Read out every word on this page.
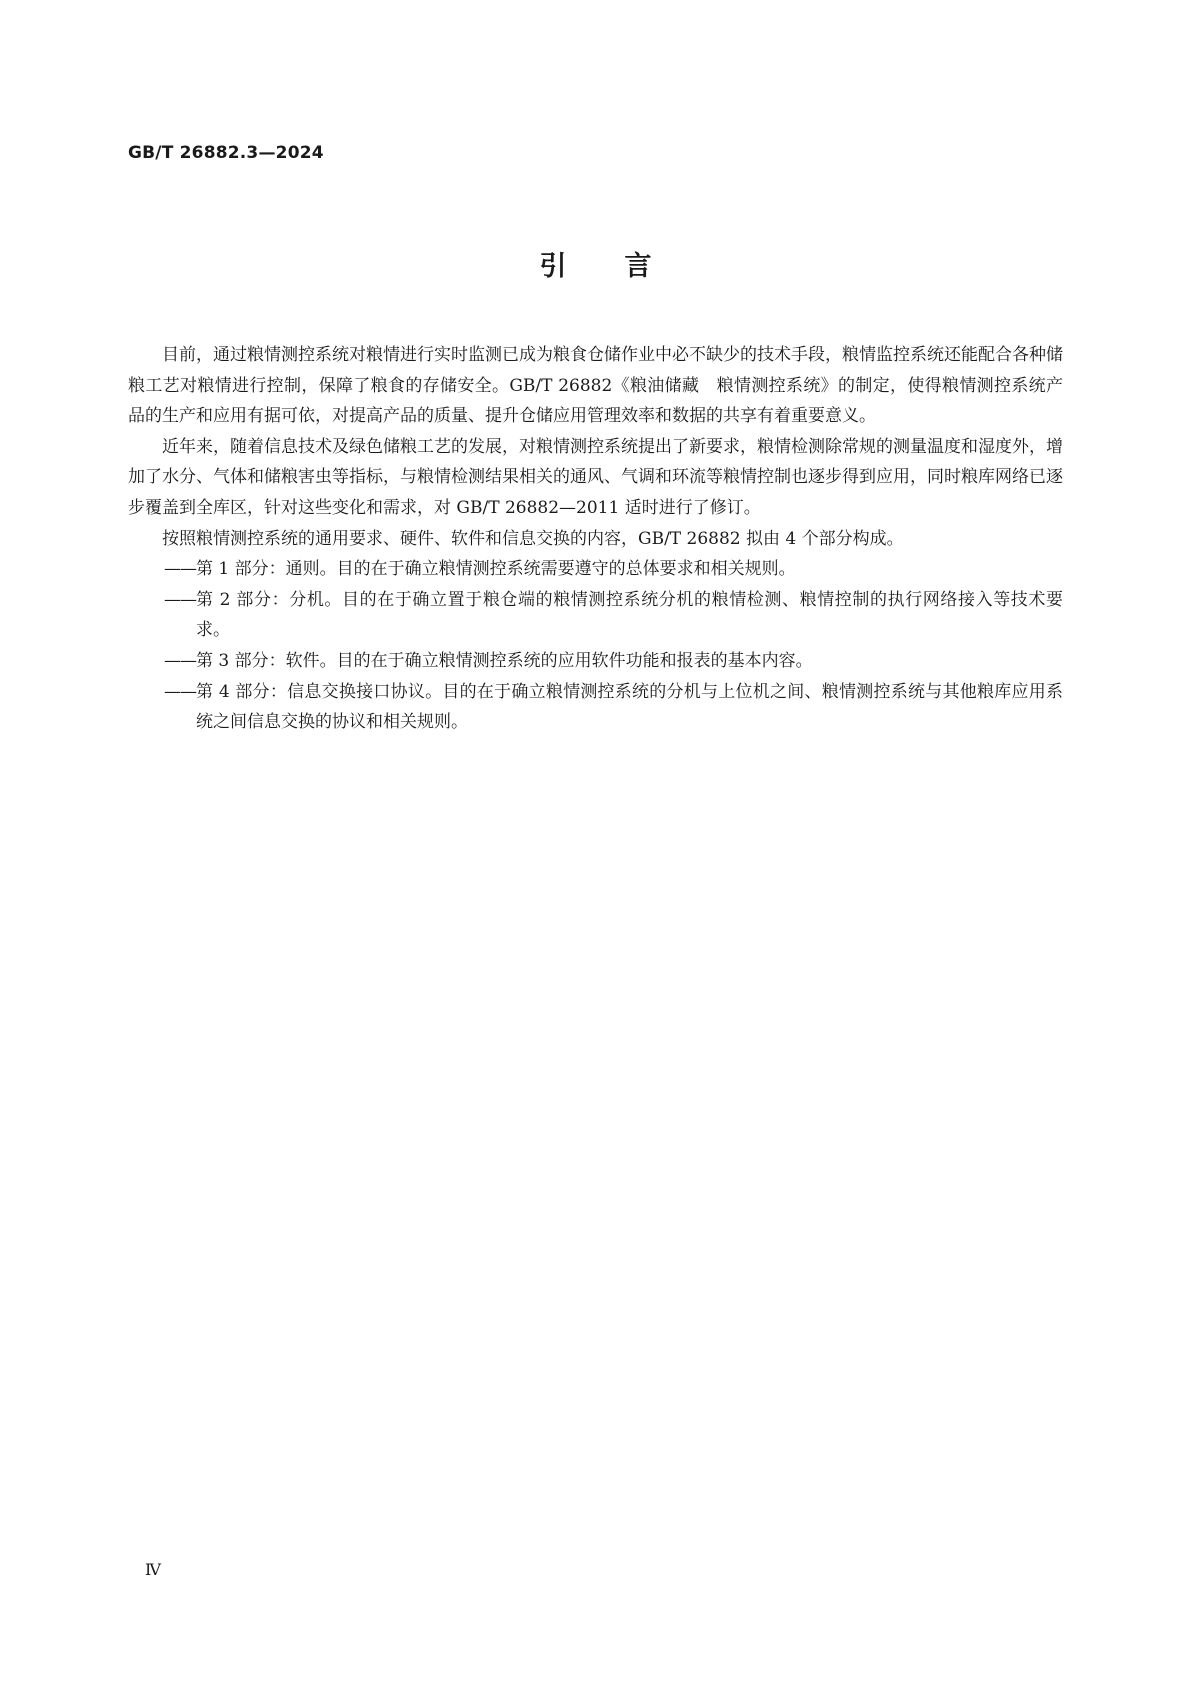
GB/T 26882.3—2024
引言

目前，通过粮情测控系统对粮情进行实时监测已成为粮食仓储作业中必不缺少的技术手段，粮情监控系统还能配合各种储粮工艺对粮情进行控制，保障了粮食的存储安全。GB/T 26882《粮油储藏　粮情测控系统》的制定，使得粮情测控系统产品的生产和应用有据可依，对提高产品的质量、提升仓储应用管理效率和数据的共享有着重要意义。

近年来，随着信息技术及绿色储粮工艺的发展，对粮情测控系统提出了新要求，粮情检测除常规的测量温度和湿度外，增加了水分、气体和储粮害虫等指标，与粮情检测结果相关的通风、气调和环流等粮情控制也逐步得到应用，同时粮库网络已逐步覆盖到全库区，针对这些变化和需求，对 GB/T 26882—2011 适时进行了修订。

按照粮情测控系统的通用要求、硬件、软件和信息交换的内容，GB/T 26882 拟由 4 个部分构成。

—— 第 1 部分：通则。目的在于确立粮情测控系统需要遵守的总体要求和相关规则。
—— 第 2 部分：分机。目的在于确立置于粮仓端的粮情测控系统分机的粮情检测、粮情控制的执行网络接入等技术要求。
—— 第 3 部分：软件。目的在于确立粮情测控系统的应用软件功能和报表的基本内容。
—— 第 4 部分：信息交换接口协议。目的在于确立粮情测控系统的分机与上位机之间、粮情测控系统与其他粮库应用系统之间信息交换的协议和相关规则。
Ⅳ
